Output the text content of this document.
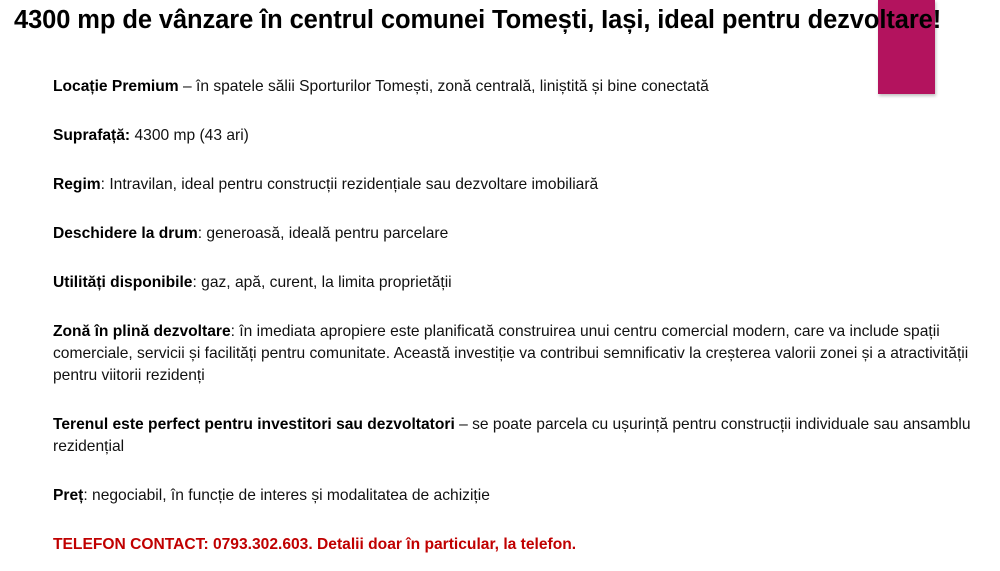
4300 mp de vânzare în centrul comunei Tomești, Iași, ideal pentru dezvoltare!

Locație Premium – în spatele sălii Sporturilor Tomești, zonă centrală, liniștită și bine conectată

Suprafață: 4300 mp (43 ari)

Regim: Intravilan, ideal pentru construcții rezidențiale sau dezvoltare imobiliară

Deschidere la drum: generoasă, ideală pentru parcelare

Utilități disponibile: gaz, apă, curent, la limita proprietății

Zonă în plină dezvoltare: în imediata apropiere este planificată construirea unui centru comercial modern, care va include spații comerciale, servicii și facilități pentru comunitate. Această investiție va contribui semnificativ la creșterea valorii zonei și a atractivității pentru viitorii rezidenți

Terenul este perfect pentru investitori sau dezvoltatori – se poate parcela cu ușurință pentru construcții individuale sau ansamblu rezidențial

Preț: negociabil, în funcție de interes și modalitatea de achiziție

TELEFON CONTACT: 0793.302.603. Detalii doar în particular, la telefon.
